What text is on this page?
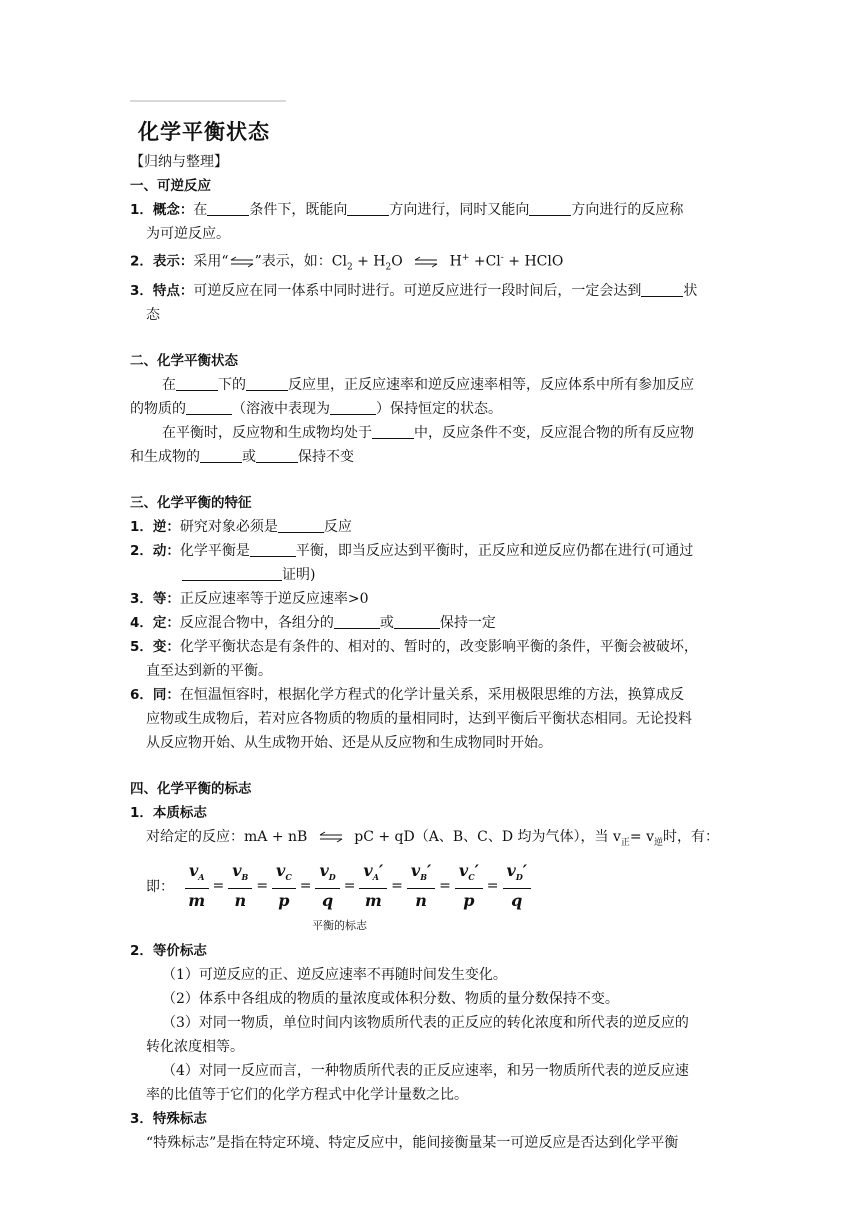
化学平衡状态
【归纳与整理】
一、可逆反应
1．概念：在	条件下，既能向	方向进行，同时又能向	方向进行的反应称
为可逆反应。
2．表示：采用“⇌”表示，如：$Cl_2 + H_2O$ ⇌ H+ +Cl- + HClO
3．特点：可逆反应在同一体系中同时进行。可逆反应进行一段时间后，一定会达到	状
态
二、化学平衡状态
在	下的	反应里，正反应速率和逆反应速率相等，反应体系中所有参加反应
的物质的	（溶液中表现为	）保持恒定的状态。
在平衡时，反应物和生成物均处于	中，反应条件不变，反应混合物的所有反应物
和生成物的	或	保持不变
三、化学平衡的特征
1．逆：研究对象必须是	反应
2．动：化学平衡是	平衡，即当反应达到平衡时，正反应和逆反应仍都在进行(可通过
证明)
3．等：正反应速率等于逆反应速率>0
4．定：反应混合物中，各组分的	或	保持一定
5．变：化学平衡状态是有条件的、相对的、暂时的，改变影响平衡的条件，平衡会被破坏，
直至达到新的平衡。
6．同：在恒温恒容时，根据化学方程式的化学计量关系，采用极限思维的方法，换算成反
应物或生成物后，若对应各物质的物质的量相同时，达到平衡后平衡状态相同。无论投料
从反应物开始、从生成物开始、还是从反应物和生成物同时开始。
四、化学平衡的标志
1．本质标志
对给定的反应：mA + nB ⇌ pC + qD（A、B、C、D 均为气体），当 $v_正= v_逆$时，有：
即： $\frac{v_A}{m} = \frac{v_B}{n} = \frac{v_C}{p} = \frac{v_D}{q} = \frac{v_A'}{m} = \frac{v_B'}{n} = \frac{v_C'}{p} = \frac{v_D'}{q}$
平衡的标志
2．等价标志
（1）可逆反应的正、逆反应速率不再随时间发生变化。
（2）体系中各组成的物质的量浓度或体积分数、物质的量分数保持不变。
（3）对同一物质，单位时间内该物质所代表的正反应的转化浓度和所代表的逆反应的
转化浓度相等。
（4）对同一反应而言，一种物质所代表的正反应速率，和另一物质所代表的逆反应速
率的比值等于它们的化学方程式中化学计量数之比。
3．特殊标志
“特殊标志”是指在特定环境、特定反应中，能间接衡量某一可逆反应是否达到化学平衡
